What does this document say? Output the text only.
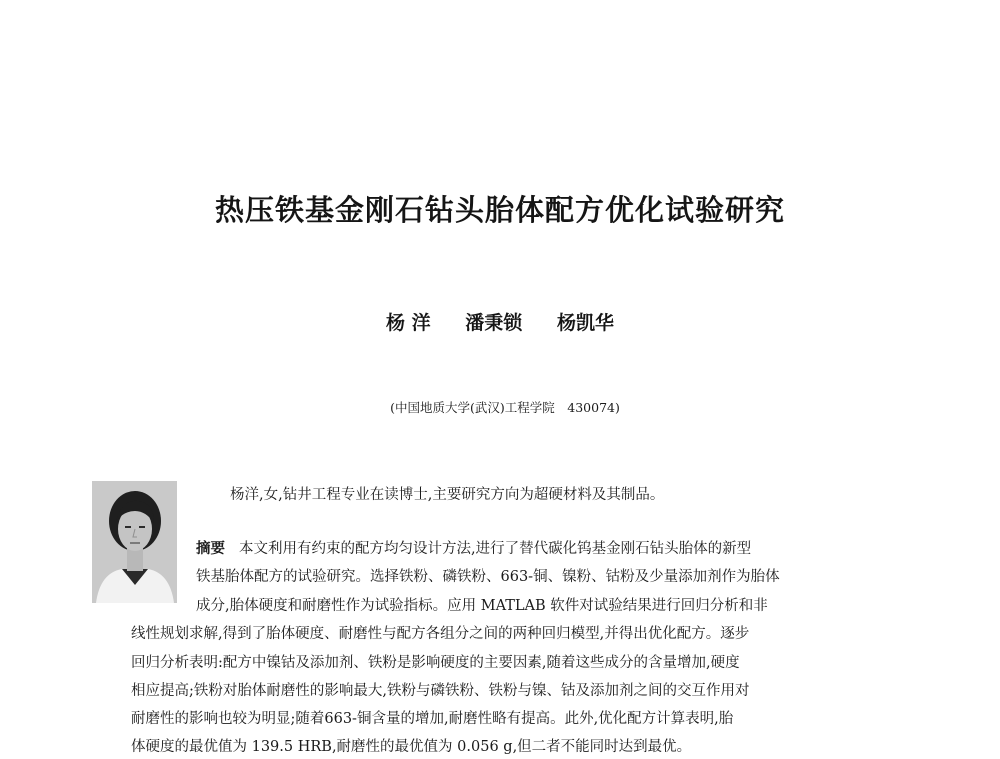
热压铁基金刚石钻头胎体配方优化试验研究
杨 洋 潘秉锁 杨凯华
(中国地质大学(武汉)工程学院　430074)
杨洋,女,钻井工程专业在读博士,主要研究方向为超硬材料及其制品。
摘要 本文利用有约束的配方均匀设计方法,进行了替代碳化钨基金刚石钻头胎体的新型
铁基胎体配方的试验研究。选择铁粉、磷铁粉、663-铜、镍粉、钴粉及少量添加剂作为胎体
成分,胎体硬度和耐磨性作为试验指标。应用 MATLAB 软件对试验结果进行回归分析和非
线性规划求解,得到了胎体硬度、耐磨性与配方各组分之间的两种回归模型,并得出优化配方。逐步
回归分析表明:配方中镍钴及添加剂、铁粉是影响硬度的主要因素,随着这些成分的含量增加,硬度
相应提高;铁粉对胎体耐磨性的影响最大,铁粉与磷铁粉、铁粉与镍、钴及添加剂之间的交互作用对
耐磨性的影响也较为明显;随着663-铜含量的增加,耐磨性略有提高。此外,优化配方计算表明,胎
体硬度的最优值为 139.5 HRB,耐磨性的最优值为 0.056 g,但二者不能同时达到最优。
